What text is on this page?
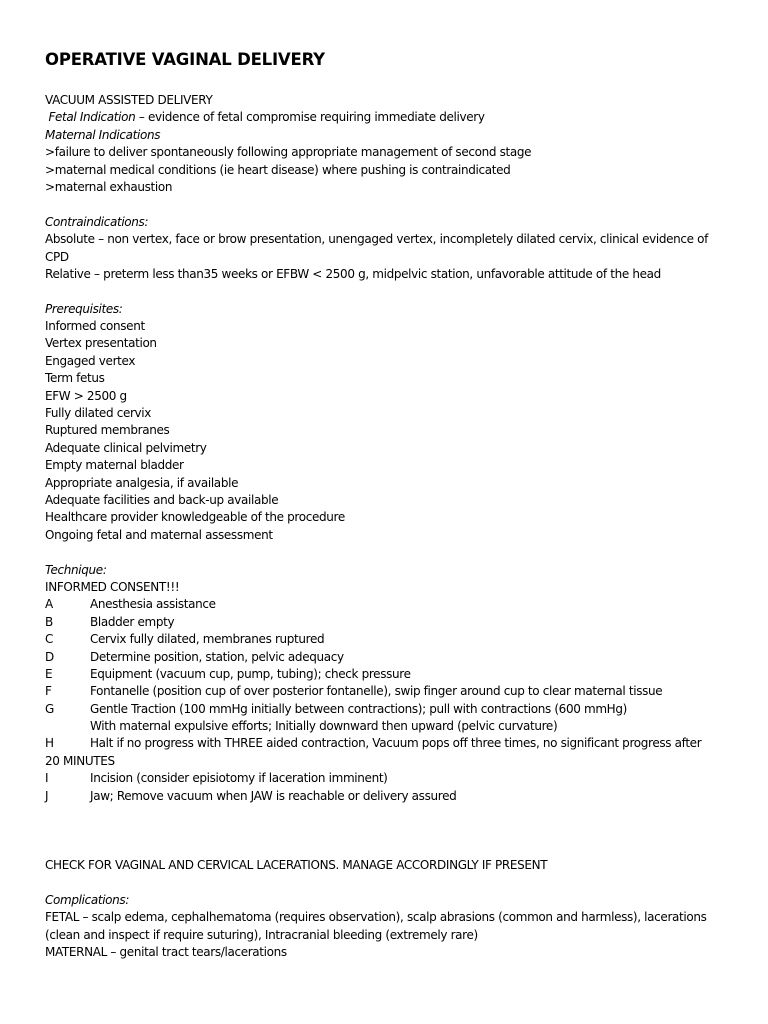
OPERATIVE VAGINAL DELIVERY
VACUUM ASSISTED DELIVERY
Fetal Indication – evidence of fetal compromise requiring immediate delivery
Maternal Indications
>failure to deliver spontaneously following appropriate management of second stage
>maternal medical conditions (ie heart disease) where pushing is contraindicated
>maternal exhaustion
Contraindications:
Absolute – non vertex, face or brow presentation, unengaged vertex, incompletely dilated cervix, clinical evidence of
CPD
Relative – preterm less than35 weeks or EFBW < 2500 g, midpelvic station, unfavorable attitude of the head
Prerequisites:
Informed consent
Vertex presentation
Engaged vertex
Term fetus
EFW > 2500 g
Fully dilated cervix
Ruptured membranes
Adequate clinical pelvimetry
Empty maternal bladder
Appropriate analgesia, if available
Adequate facilities and back-up available
Healthcare provider knowledgeable of the procedure
Ongoing fetal and maternal assessment
Technique:
INFORMED CONSENT!!!
A	Anesthesia assistance
B	Bladder empty
C	Cervix fully dilated, membranes ruptured
D	Determine position, station, pelvic adequacy
E	Equipment (vacuum cup, pump, tubing); check pressure
F	Fontanelle (position cup of over posterior fontanelle), swip finger around cup to clear maternal tissue
G	Gentle Traction (100 mmHg initially between contractions); pull with contractions (600 mmHg)
With maternal expulsive efforts; Initially downward then upward (pelvic curvature)
H	Halt if no progress with THREE aided contraction, Vacuum pops off three times, no significant progress after
20 MINUTES
I	Incision (consider episiotomy if laceration imminent)
J	Jaw; Remove vacuum when JAW is reachable or delivery assured
CHECK FOR VAGINAL AND CERVICAL LACERATIONS. MANAGE ACCORDINGLY IF PRESENT
Complications:
FETAL – scalp edema, cephalhematoma (requires observation), scalp abrasions (common and harmless), lacerations
(clean and inspect if require suturing), Intracranial bleeding (extremely rare)
MATERNAL – genital tract tears/lacerations
